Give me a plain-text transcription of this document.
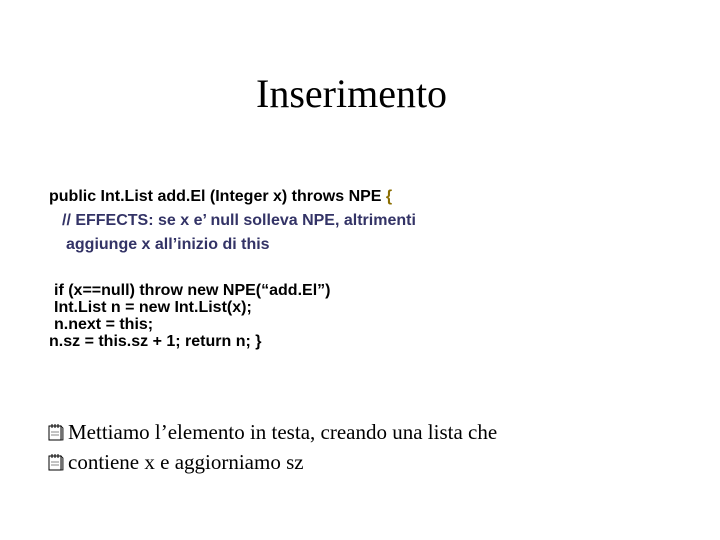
Inserimento
public Int.List add.El (Integer x) throws NPE {
// EFFECTS: se x e’ null solleva NPE, altrimenti
aggiunge x all’inizio di this
if (x==null) throw new NPE(“add.El”)
Int.List n = new Int.List(x);
n.next = this;
n.sz = this.sz + 1; return n; }
Mettiamo l’elemento in testa, creando una lista che
contiene x e aggiorniamo sz
